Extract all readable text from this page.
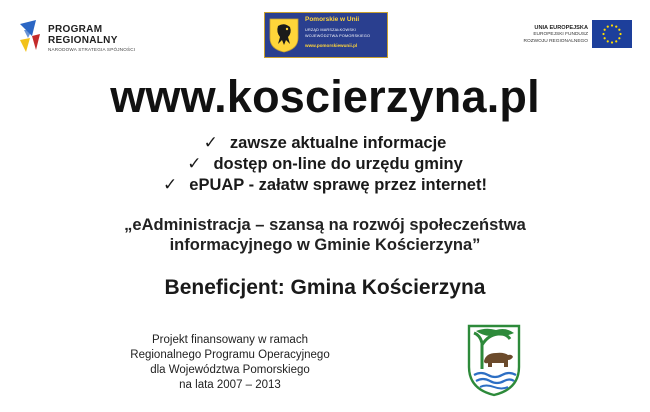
PROGRAM
REGIONALNY
NARODOWA STRATEGIA SPÓJNOŚCI
Pomorskie w Unii
URZĄD MARSZAŁKOWSKI
WOJEWÓDZTWA POMORSKIEGO
www.pomorskiewunii.pl
UNIA EUROPEJSKA
EUROPEJSKI FUNDUSZ
ROZWOJU REGIONALNEGO
www.koscierzyna.pl
✓ zawsze aktualne informacje
✓ dostęp on-line do urzędu gminy
✓ ePUAP - załatw sprawę przez internet!
„eAdministracja – szansą na rozwój społeczeństwa
informacyjnego w Gminie Kościerzyna”
Beneficjent: Gmina Kościerzyna
Projekt finansowany w ramach
Regionalnego Programu Operacyjnego
dla Województwa Pomorskiego
na lata 2007 – 2013
